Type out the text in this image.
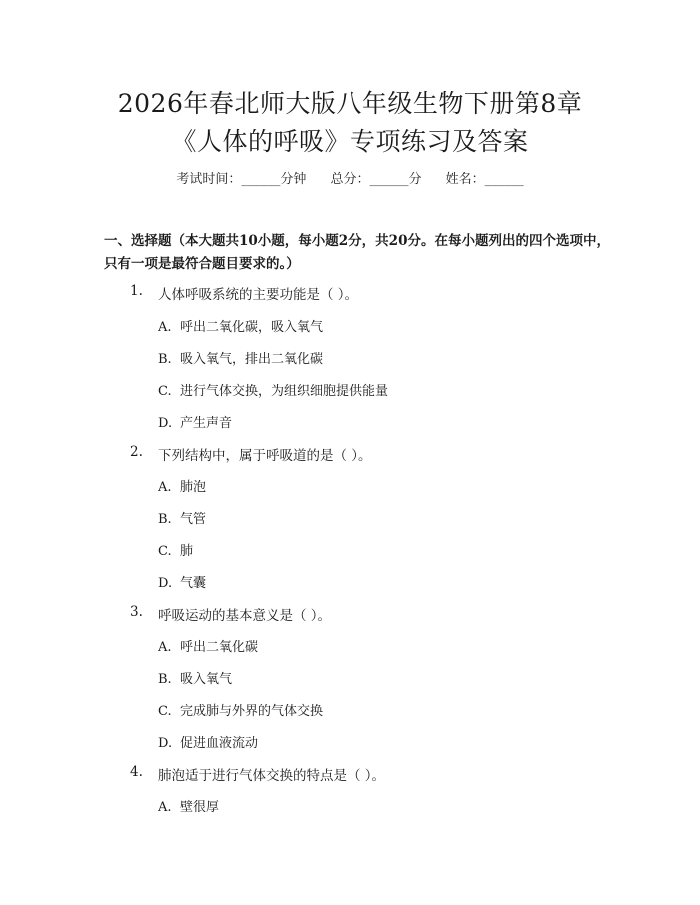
2026年春北师大版八年级生物下册第8章
《人体的呼吸》专项练习及答案
考试时间：______分钟 总分：______分 姓名：______
一、选择题（本大题共10小题，每小题2分，共20分。在每小题列出的四个选项中，只有一项是最符合题目要求的。）
1. 人体呼吸系统的主要功能是（ ）。
A. 呼出二氧化碳，吸入氧气
B. 吸入氧气，排出二氧化碳
C. 进行气体交换，为组织细胞提供能量
D. 产生声音
2. 下列结构中，属于呼吸道的是（ ）。
A. 肺泡
B. 气管
C. 肺
D. 气囊
3. 呼吸运动的基本意义是（ ）。
A. 呼出二氧化碳
B. 吸入氧气
C. 完成肺与外界的气体交换
D. 促进血液流动
4. 肺泡适于进行气体交换的特点是（ ）。
A. 壁很厚
